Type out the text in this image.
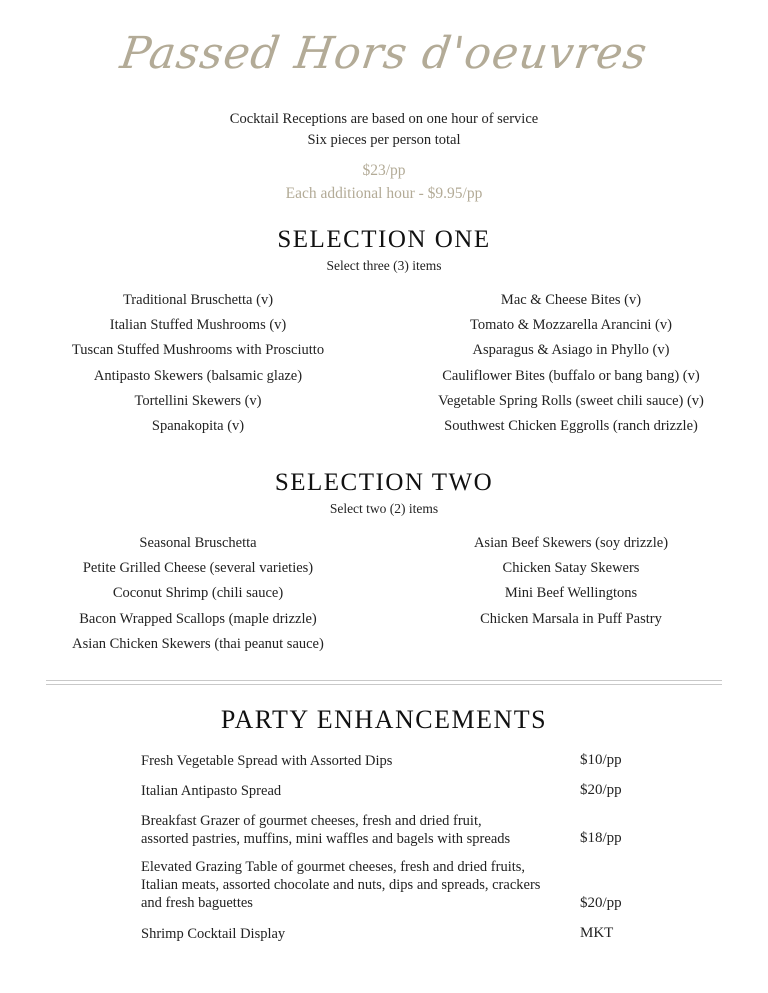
Passed Hors d'oeuvres
Cocktail Receptions are based on one hour of service
Six pieces per person total
$23/pp
Each additional hour - $9.95/pp
SELECTION ONE
Select three (3) items
Traditional Bruschetta (v)
Italian Stuffed Mushrooms (v)
Tuscan Stuffed Mushrooms with Prosciutto
Antipasto Skewers (balsamic glaze)
Tortellini Skewers (v)
Spanakopita (v)
Mac & Cheese Bites (v)
Tomato & Mozzarella Arancini (v)
Asparagus & Asiago in Phyllo (v)
Cauliflower Bites (buffalo or bang bang) (v)
Vegetable Spring Rolls (sweet chili sauce) (v)
Southwest Chicken Eggrolls (ranch drizzle)
SELECTION TWO
Select two (2) items
Seasonal Bruschetta
Petite Grilled Cheese (several varieties)
Coconut Shrimp (chili sauce)
Bacon Wrapped Scallops (maple drizzle)
Asian Chicken Skewers (thai peanut sauce)
Asian Beef Skewers (soy drizzle)
Chicken Satay Skewers
Mini Beef Wellingtons
Chicken Marsala in Puff Pastry
PARTY ENHANCEMENTS
Fresh Vegetable Spread with Assorted Dips	$10/pp
Italian Antipasto Spread	$20/pp
Breakfast Grazer of gourmet cheeses, fresh and dried fruit,
assorted pastries, muffins, mini waffles and bagels with spreads	$18/pp
Elevated Grazing Table of gourmet cheeses, fresh and dried fruits,
Italian meats, assorted chocolate and nuts, dips and spreads, crackers
and fresh baguettes	$20/pp
Shrimp Cocktail Display	MKT
